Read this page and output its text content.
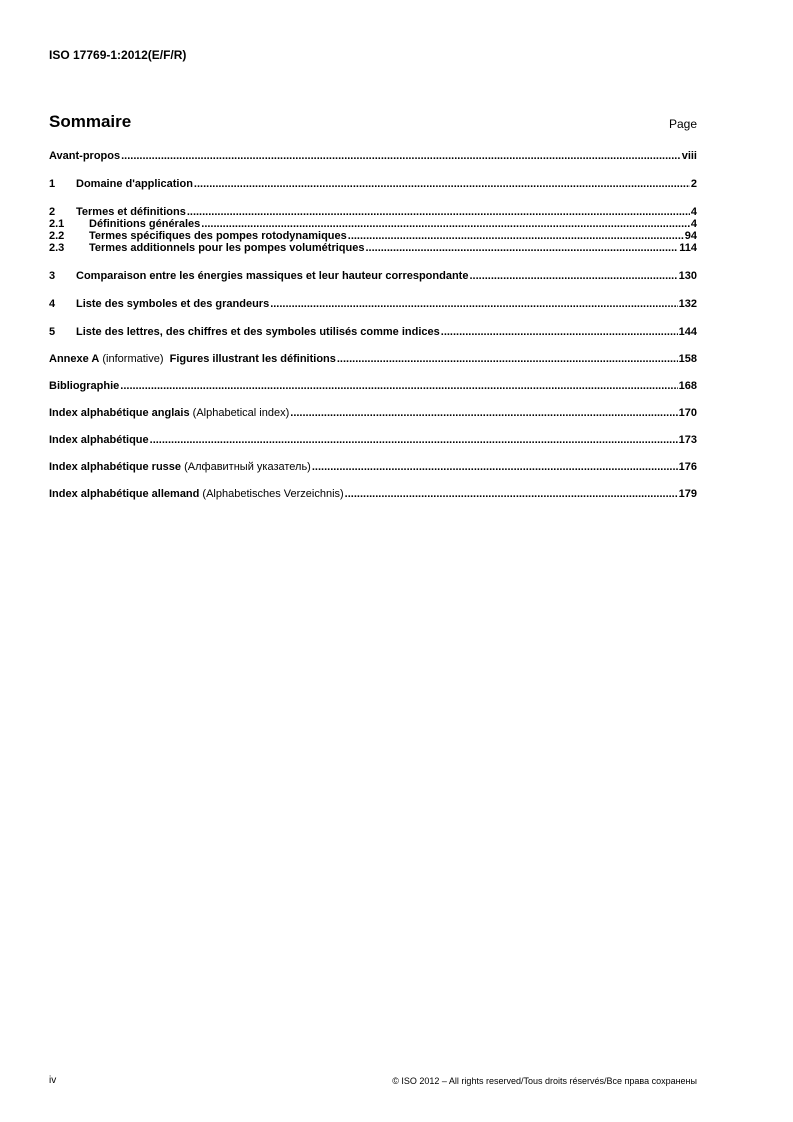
ISO 17769-1:2012(E/F/R)
Sommaire	Page
Avant-propos .....	viii
1	Domaine d'application .....	2
2	Termes et définitions .....	4
2.1	Définitions générales .....	4
2.2	Termes spécifiques des pompes rotodynamiques .....	94
2.3	Termes additionnels pour les pompes volumétriques .....	114
3	Comparaison entre les énergies massiques et leur hauteur correspondante .....	130
4	Liste des symboles et des grandeurs .....	132
5	Liste des lettres, des chiffres et des symboles utilisés comme indices .....	144
Annexe A (informative)  Figures illustrant les définitions .....	158
Bibliographie .....	168
Index alphabétique anglais (Alphabetical index) .....	170
Index alphabétique .....	173
Index alphabétique russe (Алфавитный указатель) .....	176
Index alphabétique allemand (Alphabetisches Verzeichnis) .....	179
iv	© ISO 2012 – All rights reserved/Tous droits réservés/Все права сохранены
